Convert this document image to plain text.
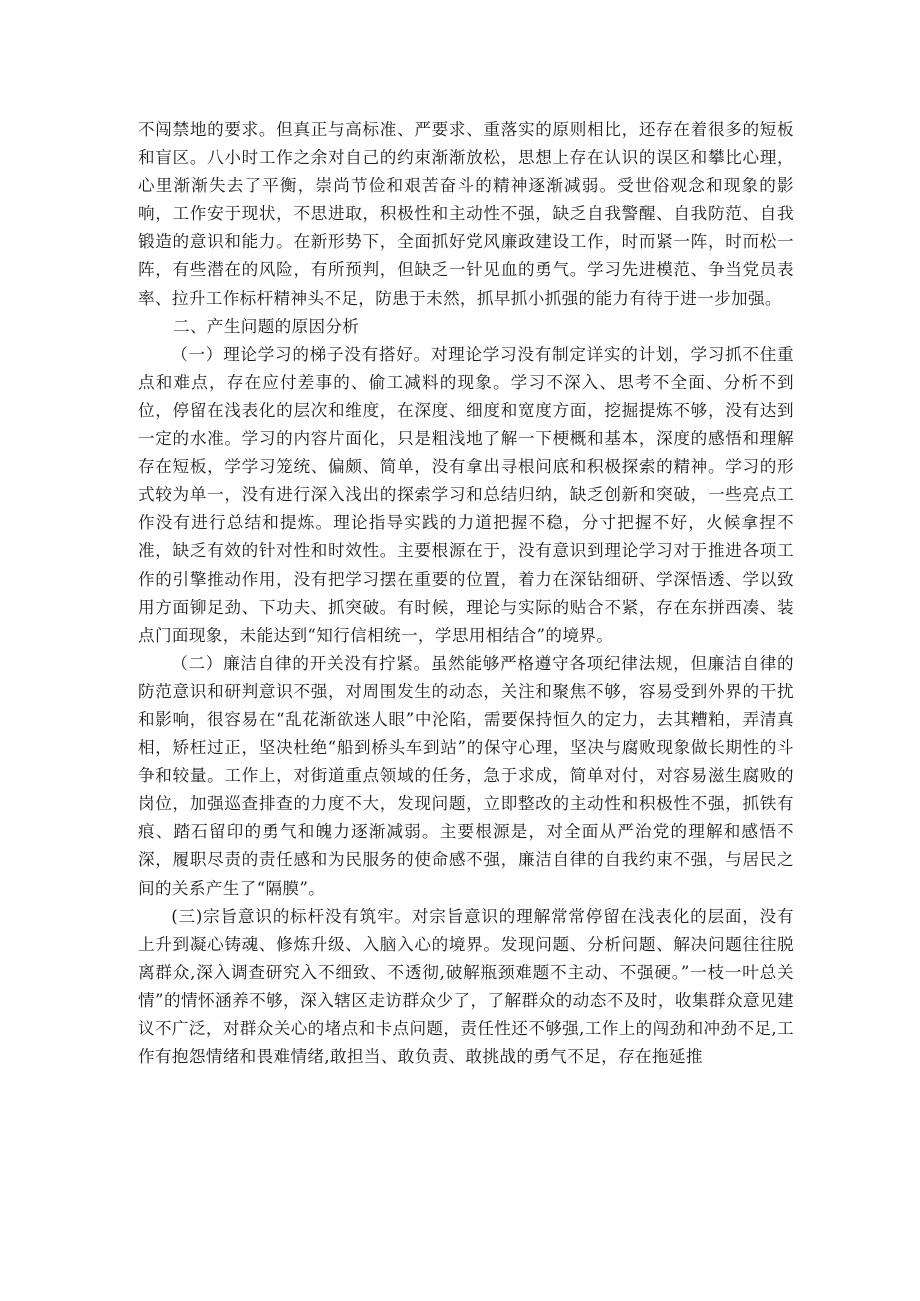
不闯禁地的要求。但真正与高标准、严要求、重落实的原则相比，还存在着很多的短板和盲区。八小时工作之余对自己的约束渐渐放松，思想上存在认识的误区和攀比心理，心里渐渐失去了平衡，崇尚节俭和艰苦奋斗的精神逐渐减弱。受世俗观念和现象的影响，工作安于现状，不思进取，积极性和主动性不强，缺乏自我警醒、自我防范、自我锻造的意识和能力。在新形势下，全面抓好党风廉政建设工作，时而紧一阵，时而松一阵，有些潜在的风险，有所预判，但缺乏一针见血的勇气。学习先进模范、争当党员表率、拉升工作标杆精神头不足，防患于未然，抓早抓小抓强的能力有待于进一步加强。

二、产生问题的原因分析

（一）理论学习的梯子没有搭好。对理论学习没有制定详实的计划，学习抓不住重点和难点，存在应付差事的、偷工减料的现象。学习不深入、思考不全面、分析不到位，停留在浅表化的层次和维度，在深度、细度和宽度方面，挖掘提炼不够，没有达到一定的水准。学习的内容片面化，只是粗浅地了解一下梗概和基本，深度的感悟和理解存在短板，学学习笼统、偏颇、简单，没有拿出寻根问底和积极探索的精神。学习的形式较为单一，没有进行深入浅出的探索学习和总结归纳，缺乏创新和突破，一些亮点工作没有进行总结和提炼。理论指导实践的力道把握不稳，分寸把握不好，火候拿捏不准，缺乏有效的针对性和时效性。主要根源在于，没有意识到理论学习对于推进各项工作的引擎推动作用，没有把学习摆在重要的位置，着力在深钻细研、学深悟透、学以致用方面铆足劲、下功夫、抓突破。有时候，理论与实际的贴合不紧，存在东拼西凑、装点门面现象，未能达到“知行信相统一，学思用相结合”的境界。

（二）廉洁自律的开关没有拧紧。虽然能够严格遵守各项纪律法规，但廉洁自律的防范意识和研判意识不强，对周围发生的动态，关注和聚焦不够，容易受到外界的干扰和影响，很容易在“乱花渐欲迷人眼”中沦陷，需要保持恒久的定力，去其糟粕，弄清真相，矫枉过正，坚决杜绝“船到桥头车到站”的保守心理，坚决与腐败现象做长期性的斗争和较量。工作上，对街道重点领域的任务，急于求成，简单对付，对容易滋生腐败的岗位，加强巡查排查的力度不大，发现问题，立即整改的主动性和积极性不强，抓铁有痕、踏石留印的勇气和魄力逐渐减弱。主要根源是，对全面从严治党的理解和感悟不深，履职尽责的责任感和为民服务的使命感不强，廉洁自律的自我约束不强，与居民之间的关系产生了“隔膜”。

(三)宗旨意识的标杆没有筑牢。对宗旨意识的理解常常停留在浅表化的层面，没有上升到凝心铸魂、修炼升级、入脑入心的境界。发现问题、分析问题、解决问题往往脱离群众,深入调查研究入不细致、不透彻,破解瓶颈难题不主动、不强硬。”一枝一叶总关情”的情怀涵养不够，深入辖区走访群众少了，了解群众的动态不及时，收集群众意见建议不广泛，对群众关心的堵点和卡点问题，责任性还不够强,工作上的闯劲和冲劲不足,工作有抱怨情绪和畏难情绪,敢担当、敢负责、敢挑战的勇气不足，存在拖延推
